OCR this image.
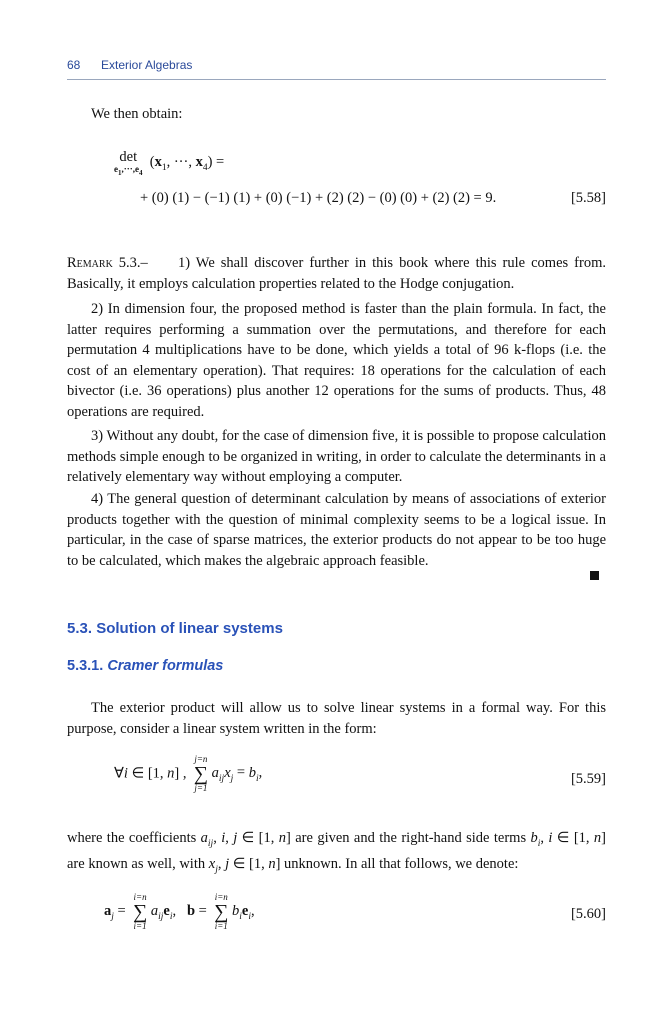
68 Exterior Algebras
We then obtain:
det
$e_1,\cdot\cdot\cdot,e_4$
($x_1$, ···, $x_4$) =
+ (0) (1) − (−1) (1) + (0) (−1) + (2) (2) − (0) (0) + (2) (2) = 9.	[5.58]
Remark 5.3.– 1) We shall discover further in this book where this rule comes from. Basically, it employs calculation properties related to the Hodge conjugation.
2) In dimension four, the proposed method is faster than the plain formula. In fact, the latter requires performing a summation over the permutations, and therefore for each permutation 4 multiplications have to be done, which yields a total of 96 k-flops (i.e. the cost of an elementary operation). That requires: 18 operations for the calculation of each bivector (i.e. 36 operations) plus another 12 operations for the sums of products. Thus, 48 operations are required.
3) Without any doubt, for the case of dimension five, it is possible to propose calculation methods simple enough to be organized in writing, in order to calculate the determinants in a relatively elementary way without employing a computer.
4) The general question of determinant calculation by means of associations of exterior products together with the question of minimal complexity seems to be a logical issue. In particular, in the case of sparse matrices, the exterior products do not appear to be too huge to be calculated, which makes the algebraic approach feasible.
5.3. Solution of linear systems
5.3.1. Cramer formulas
The exterior product will allow us to solve linear systems in a formal way. For this purpose, consider a linear system written in the form:
∀i ∈ [1, n] ,
j=n
∑
j=1
$a_{ij}x_j = b_i$,	[5.59]
where the coefficients $a_{ij}$, i, j ∈ [1, n] are given and the right-hand side terms $b_i$, i ∈ [1, n] are known as well, with $x_j$, j ∈ [1, n] unknown. In all that follows, we denote:
$a_j$ =
i=n
∑
i=1
$a_{ij}e_i$,   b =
i=n
∑
i=1
$b_ie_i$,	[5.60]
